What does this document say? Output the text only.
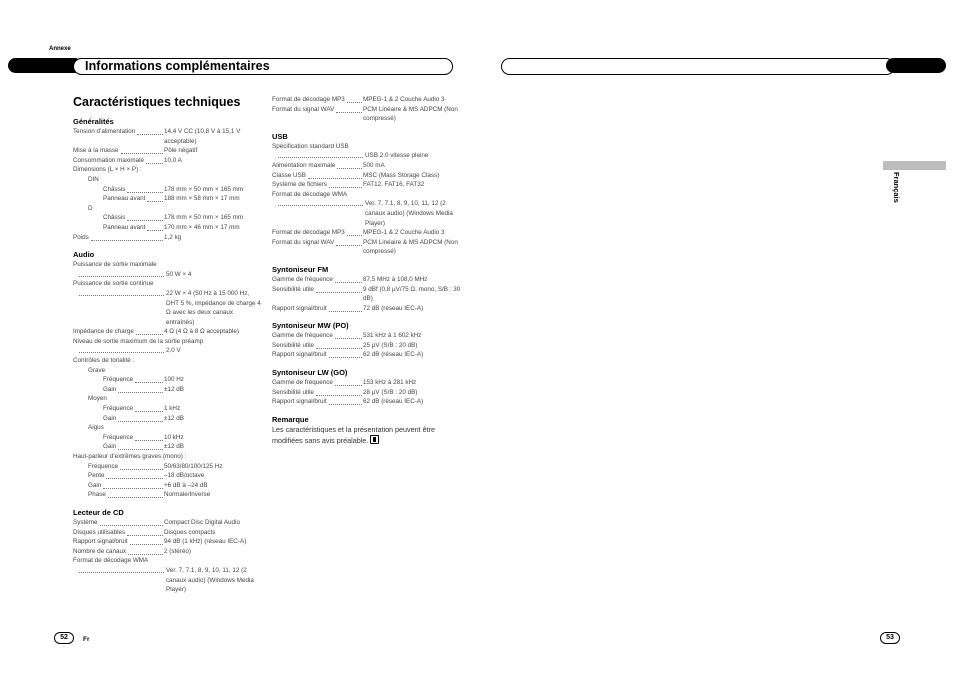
Annexe
Informations complémentaires
Français
Caractéristiques techniques
Généralités
Tension d’alimentation	14,4 V CC (10,8 V à 15,1 V acceptable)
Mise à la masse	Pôle négatif
Consommation maximale	10,0 A
Dimensions (L × H × P) :
DIN
Châssis	178 mm × 50 mm × 165 mm
Panneau avant	188 mm × 58 mm × 17 mm
D
Châssis	178 mm × 50 mm × 165 mm
Panneau avant	170 mm × 46 mm × 17 mm
Poids	1,2 kg
Audio
Puissance de sortie maximale
50 W × 4
Puissance de sortie continue
22 W × 4 (50 Hz à 15 000 Hz, DHT 5 %, impédance de charge 4 Ω avec les deux canaux entraînés)
Impédance de charge	4 Ω (4 Ω à 8 Ω acceptable)
Niveau de sortie maximum de la sortie préamp
2,0 V
Contrôles de tonalité :
Grave
Fréquence	100 Hz
Gain	±12 dB
Moyen
Fréquence	1 kHz
Gain	±12 dB
Aigus
Fréquence	10 kHz
Gain	±12 dB
Haut-parleur d’extrêmes graves (mono) :
Fréquence	50/63/80/100/125 Hz
Pente	–18 dB/octave
Gain	+6 dB à –24 dB
Phase	Normale/Inverse
Lecteur de CD
Système	Compact Disc Digital Audio
Disques utilisables	Disques compacts
Rapport signal/bruit	94 dB (1 kHz) (réseau IEC-A)
Nombre de canaux	2 (stéréo)
Format de décodage WMA
Ver. 7, 7.1, 8, 9, 10, 11, 12 (2 canaux audio) (Windows Media Player)
Format de décodage MP3	MPEG-1 & 2 Couche Audio 3
Format du signal WAV	PCM Linéaire & MS ADPCM (Non compressé)
USB
Spécification standard USB
USB 2.0 vitesse pleine
Alimentation maximale	500 mA
Classe USB	MSC (Mass Storage Class)
Système de fichiers	FAT12, FAT16, FAT32
Format de décodage WMA
Ver. 7, 7.1, 8, 9, 10, 11, 12 (2 canaux audio) (Windows Media Player)
Format de décodage MP3	MPEG-1 & 2 Couche Audio 3
Format du signal WAV	PCM Linéaire & MS ADPCM (Non compressé)
Syntoniseur FM
Gamme de fréquence	87,5 MHz à 108,0 MHz
Sensibilité utile	9 dBf (0,8 µV/75 Ω, mono, S/B : 30 dB)
Rapport signal/bruit	72 dB (réseau IEC-A)
Syntoniseur MW (PO)
Gamme de fréquence	531 kHz à 1 602 kHz
Sensibilité utile	25 µV (S/B : 20 dB)
Rapport signal/bruit	62 dB (réseau IEC-A)
Syntoniseur LW (GO)
Gamme de fréquence	153 kHz à 281 kHz
Sensibilité utile	28 µV (S/B : 20 dB)
Rapport signal/bruit	62 dB (réseau IEC-A)
Remarque
Les caractéristiques et la présentation peuvent être modifiées sans avis préalable.
52	Fr	53
